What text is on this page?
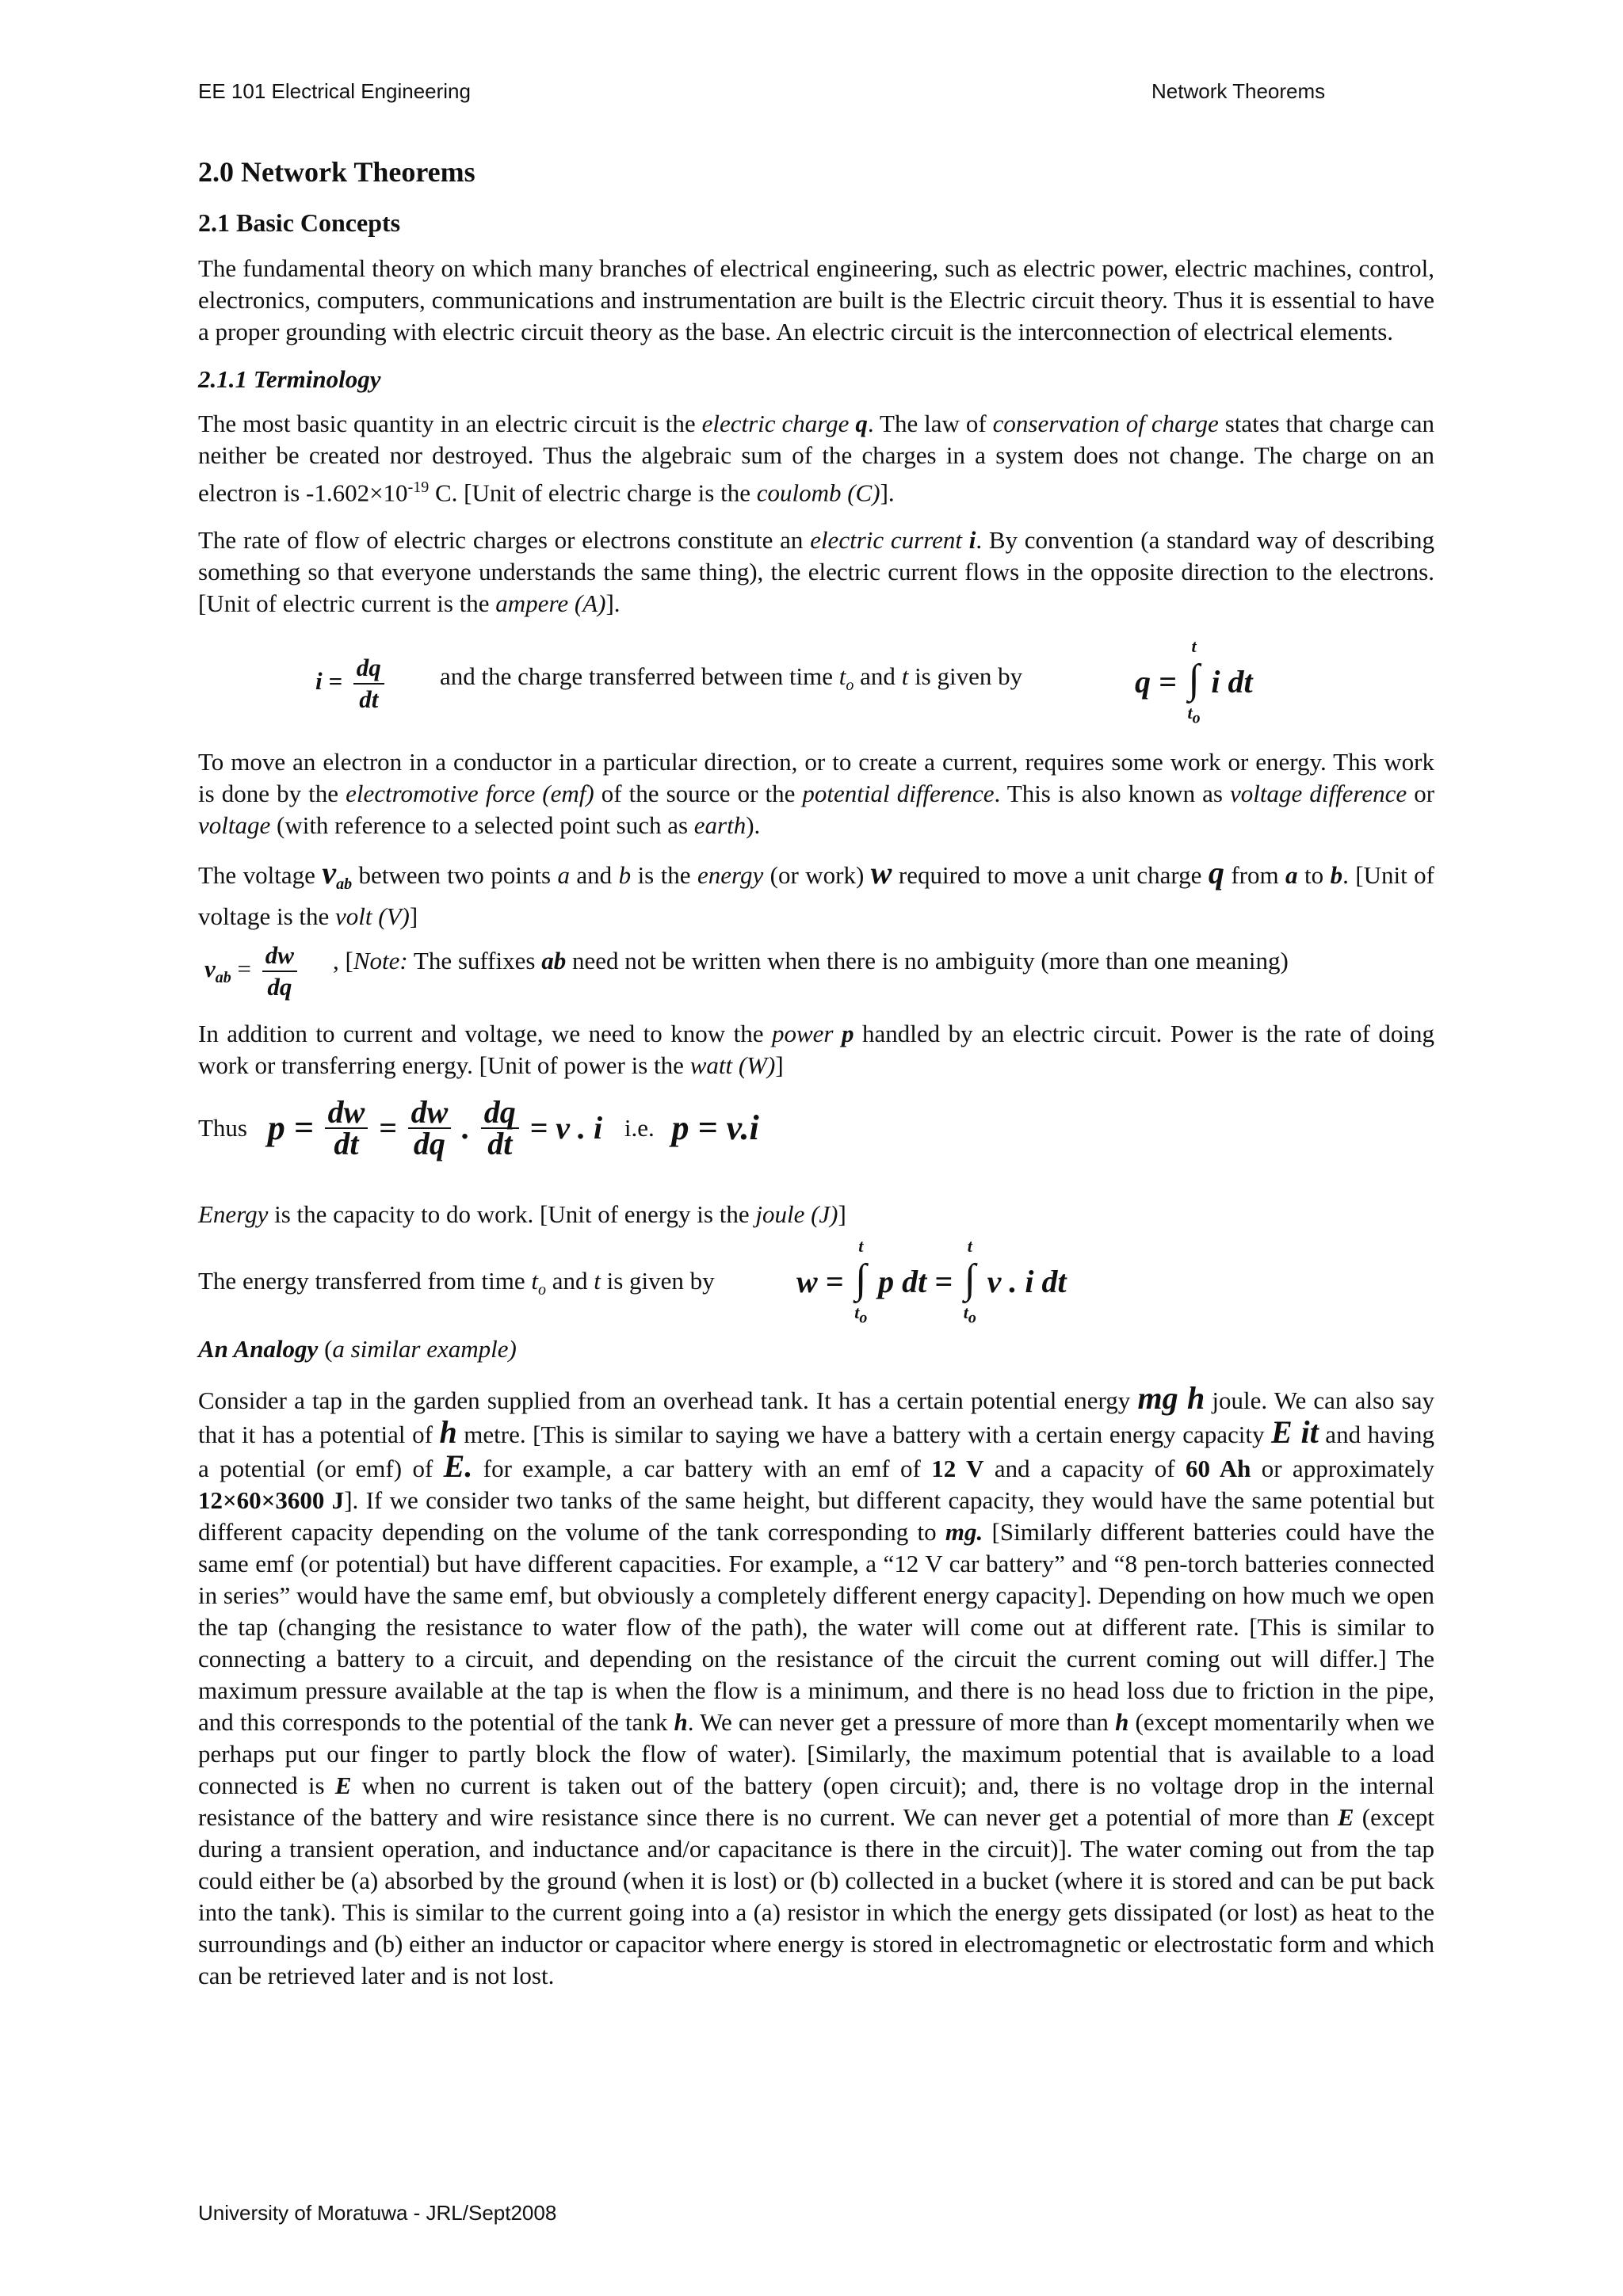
EE 101 Electrical Engineering	Network Theorems
2.0 Network Theorems
2.1 Basic Concepts

The fundamental theory on which many branches of electrical engineering, such as electric power, electric machines, control, electronics, computers, communications and instrumentation are built is the Electric circuit theory. Thus it is essential to have a proper grounding with electric circuit theory as the base. An electric circuit is the interconnection of electrical elements.

2.1.1 Terminology

The most basic quantity in an electric circuit is the electric charge q. The law of conservation of charge states that charge can neither be created nor destroyed. Thus the algebraic sum of the charges in a system does not change. The charge on an electron is $-1.602\times 10^{-19}$ C. [Unit of electric charge is the coulomb (C)].

The rate of flow of electric charges or electrons constitute an electric current i. By convention (a standard way of describing something so that everyone understands the same thing), the electric current flows in the opposite direction to the electrons. [Unit of electric current is the ampere (A)].

$i = \frac{dq}{dt}$ and the charge transferred between time $t_o$ and t is given by	q =
t
∫
$t_o$
i dt

To move an electron in a conductor in a particular direction, or to create a current, requires some work or energy. This work is done by the electromotive force (emf) of the source or the potential difference. This is also known as voltage difference or voltage (with reference to a selected point such as earth).

The voltage $v_{ab}$ between two points a and b is the energy (or work) w required to move a unit charge q from a to b. [Unit of voltage is the volt (V)]

$v_{ab} = \frac{dw}{dq}$ , [Note: The suffixes ab need not be written when there is no ambiguity (more than one meaning)

In addition to current and voltage, we need to know the power p handled by an electric circuit. Power is the rate of doing work or transferring energy. [Unit of power is the watt (W)]

Thus $p = \frac{dw}{dt} = \frac{dw}{dq}$ . $\frac{dq}{dt} = v$ . i i.e. p = v.i

Energy is the capacity to do work. [Unit of energy is the joule (J)]

The energy transferred from time $t_o$ and t is given by	w =
t
∫
$t_o$
p dt =
t
∫
$t_o$
v . i dt
An Analogy (a similar example)

Consider a tap in the garden supplied from an overhead tank. It has a certain potential energy mg h joule. We can also say that it has a potential of h metre. [This is similar to saying we have a battery with a certain energy capacity E it and having a potential (or emf) of E. for example, a car battery with an emf of 12 V and a capacity of 60 Ah or approximately 12×60×3600 J]. If we consider two tanks of the same height, but different capacity, they would have the same potential but different capacity depending on the volume of the tank corresponding to mg. [Similarly different batteries could have the same emf (or potential) but have different capacities. For example, a “12 V car battery” and “8 pen-torch batteries connected in series” would have the same emf, but obviously a completely different energy capacity]. Depending on how much we open the tap (changing the resistance to water flow of the path), the water will come out at different rate. [This is similar to connecting a battery to a circuit, and depending on the resistance of the circuit the current coming out will differ.] The maximum pressure available at the tap is when the flow is a minimum, and there is no head loss due to friction in the pipe, and this corresponds to the potential of the tank h. We can never get a pressure of more than h (except momentarily when we perhaps put our finger to partly block the flow of water). [Similarly, the maximum potential that is available to a load connected is E when no current is taken out of the battery (open circuit); and, there is no voltage drop in the internal resistance of the battery and wire resistance since there is no current. We can never get a potential of more than E (except during a transient operation, and inductance and/or capacitance is there in the circuit)]. The water coming out from the tap could either be (a) absorbed by the ground (when it is lost) or (b) collected in a bucket (where it is stored and can be put back into the tank). This is similar to the current going into a (a) resistor in which the energy gets dissipated (or lost) as heat to the surroundings and (b) either an inductor or capacitor where energy is stored in electromagnetic or electrostatic form and which can be retrieved later and is not lost.

University of Moratuwa - JRL/Sept2008
